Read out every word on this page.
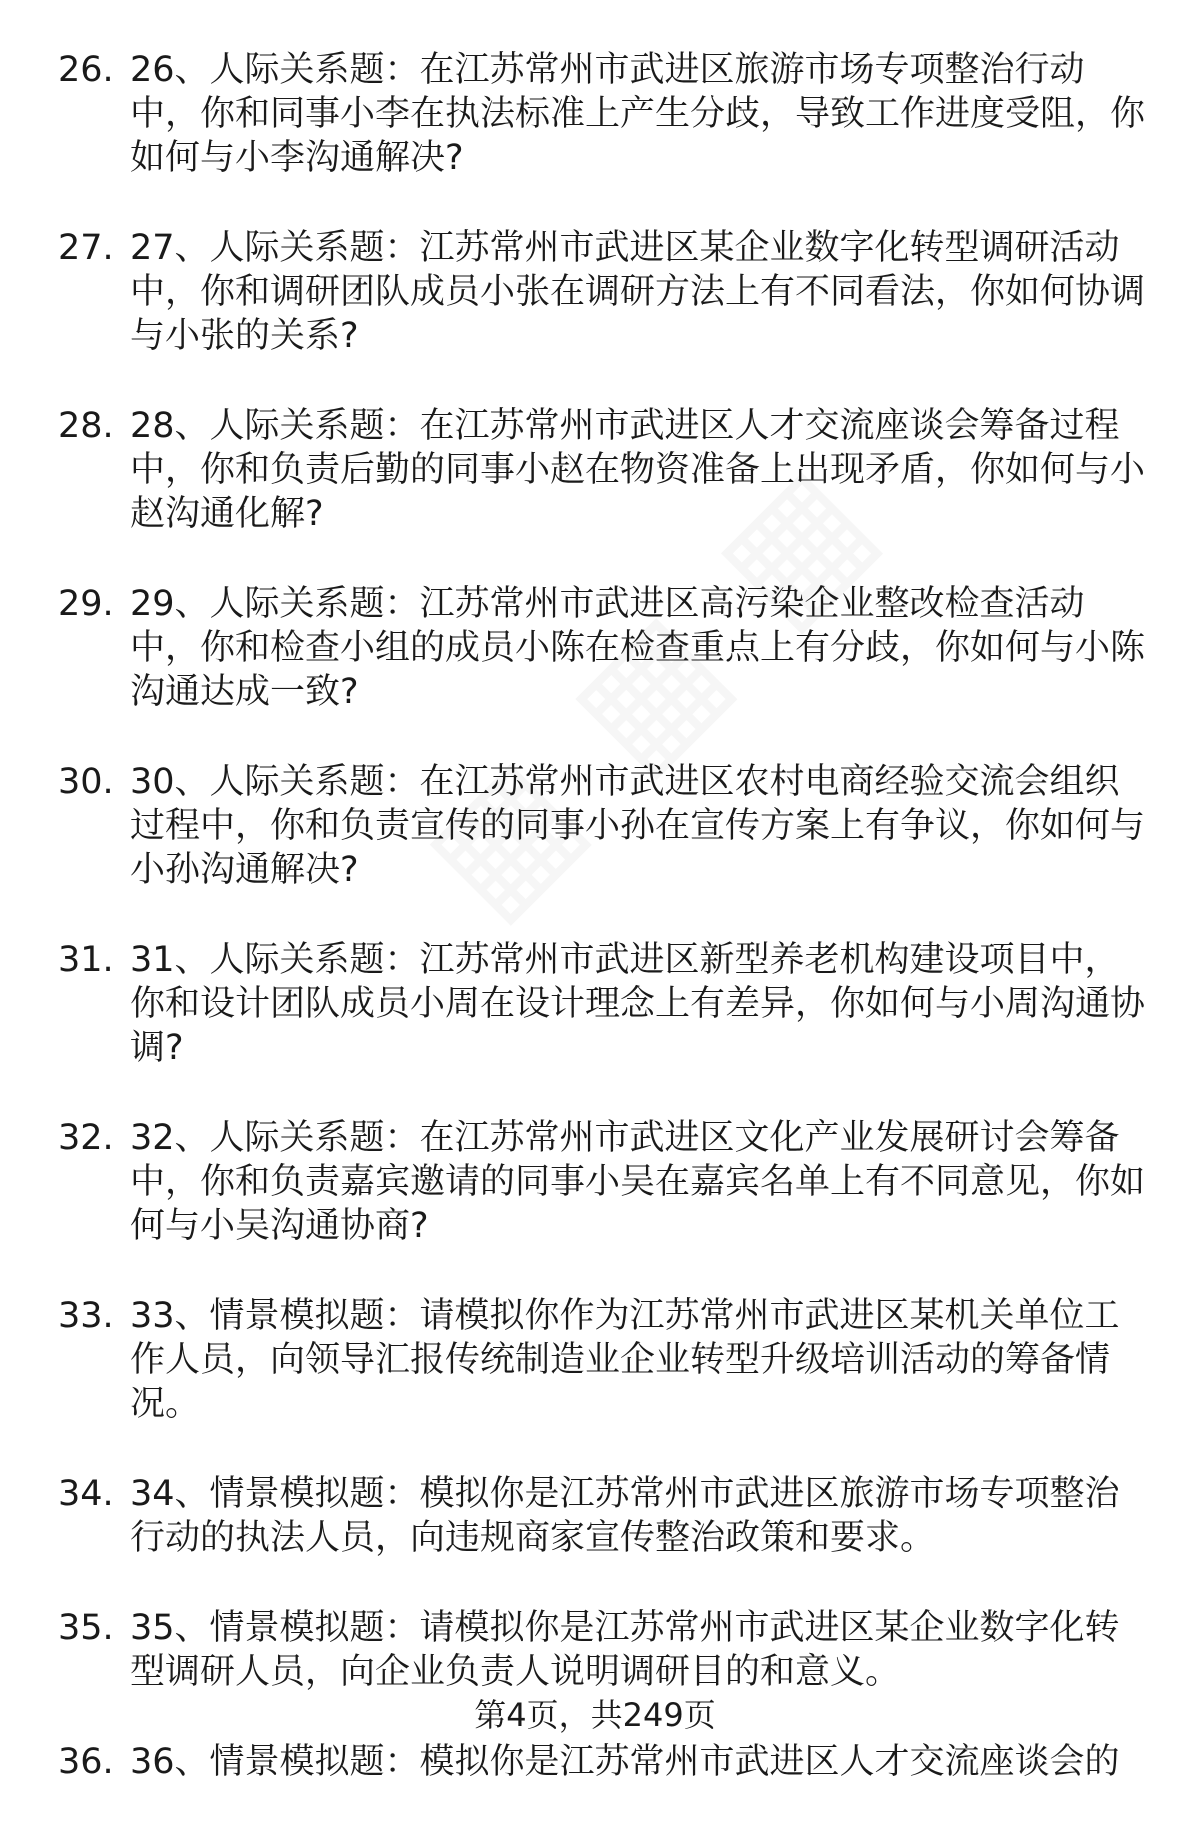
26. 26、人际关系题：在江苏常州市武进区旅游市场专项整治行动中，你和同事小李在执法标准上产生分歧，导致工作进度受阻，你如何与小李沟通解决?
27. 27、人际关系题：江苏常州市武进区某企业数字化转型调研活动中，你和调研团队成员小张在调研方法上有不同看法，你如何协调与小张的关系?
28. 28、人际关系题：在江苏常州市武进区人才交流座谈会筹备过程中，你和负责后勤的同事小赵在物资准备上出现矛盾，你如何与小赵沟通化解?
29. 29、人际关系题：江苏常州市武进区高污染企业整改检查活动中，你和检查小组的成员小陈在检查重点上有分歧，你如何与小陈沟通达成一致?
30. 30、人际关系题：在江苏常州市武进区农村电商经验交流会组织过程中，你和负责宣传的同事小孙在宣传方案上有争议，你如何与小孙沟通解决?
31. 31、人际关系题：江苏常州市武进区新型养老机构建设项目中，你和设计团队成员小周在设计理念上有差异，你如何与小周沟通协调?
32. 32、人际关系题：在江苏常州市武进区文化产业发展研讨会筹备中，你和负责嘉宾邀请的同事小吴在嘉宾名单上有不同意见，你如何与小吴沟通协商?
33. 33、情景模拟题：请模拟你作为江苏常州市武进区某机关单位工作人员，向领导汇报传统制造业企业转型升级培训活动的筹备情况。
34. 34、情景模拟题：模拟你是江苏常州市武进区旅游市场专项整治行动的执法人员，向违规商家宣传整治政策和要求。
35. 35、情景模拟题：请模拟你是江苏常州市武进区某企业数字化转型调研人员，向企业负责人说明调研目的和意义。
36. 36、情景模拟题：模拟你是江苏常州市武进区人才交流座谈会的
第4页，共249页
